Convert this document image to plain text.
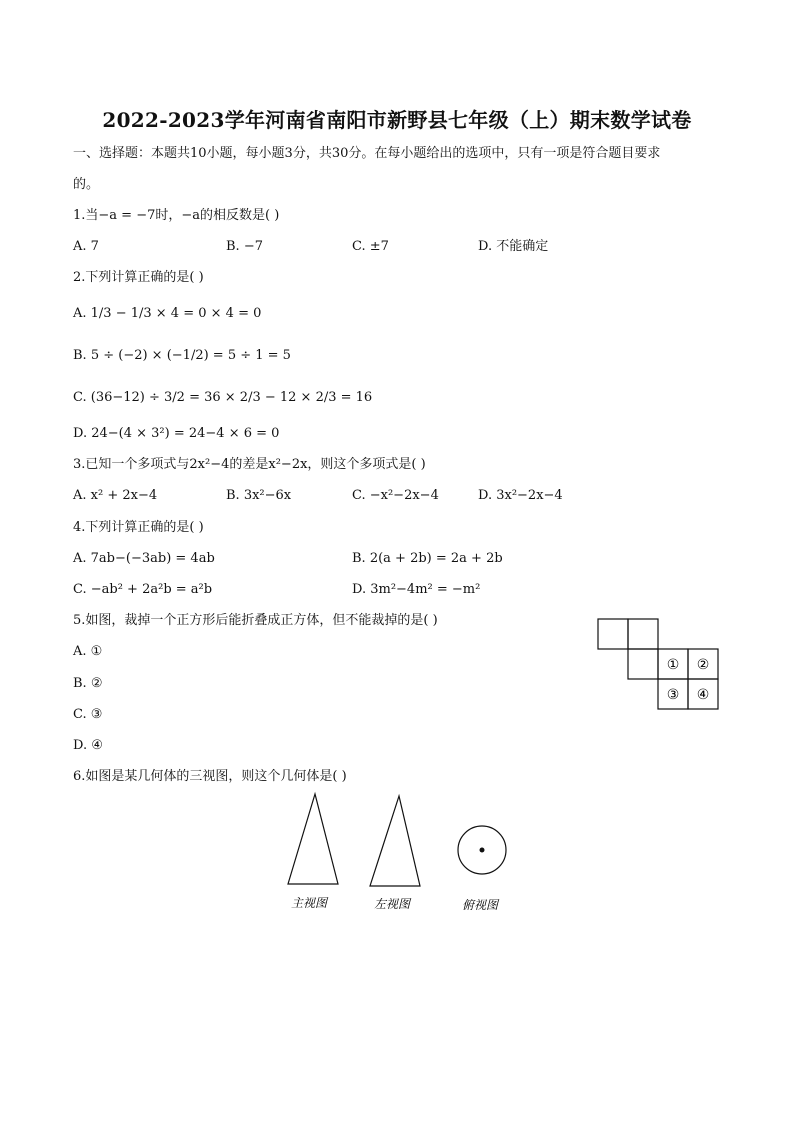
2022-2023学年河南省南阳市新野县七年级（上）期末数学试卷
一、选择题：本题共10小题，每小题3分，共30分。在每小题给出的选项中，只有一项是符合题目要求
的。
1.当−a = −7时，−a的相反数是( )
A. 7	B. −7	C. ±7	D. 不能确定
2.下列计算正确的是( )
A. 1/3 − 1/3 × 4 = 0 × 4 = 0
B. 5 ÷ (−2) × (−1/2) = 5 ÷ 1 = 5
C. (36−12) ÷ 3/2 = 36 × 2/3 − 12 × 2/3 = 16
D. 24−(4 × 3²) = 24−4 × 6 = 0
3.已知一个多项式与2x²−4的差是x²−2x，则这个多项式是( )
A. x² + 2x−4	B. 3x²−6x	C. −x²−2x−4	D. 3x²−2x−4
4.下列计算正确的是( )
A. 7ab−(−3ab) = 4ab	B. 2(a + 2b) = 2a + 2b
C. −ab² + 2a²b = a²b	D. 3m²−4m² = −m²
5.如图，裁掉一个正方形后能折叠成正方体，但不能裁掉的是( )
A. ①
B. ②
C. ③
D. ④
① ②
③ ④
6.如图是某几何体的三视图，则这个几何体是( )
主视图	左视图	俯视图
